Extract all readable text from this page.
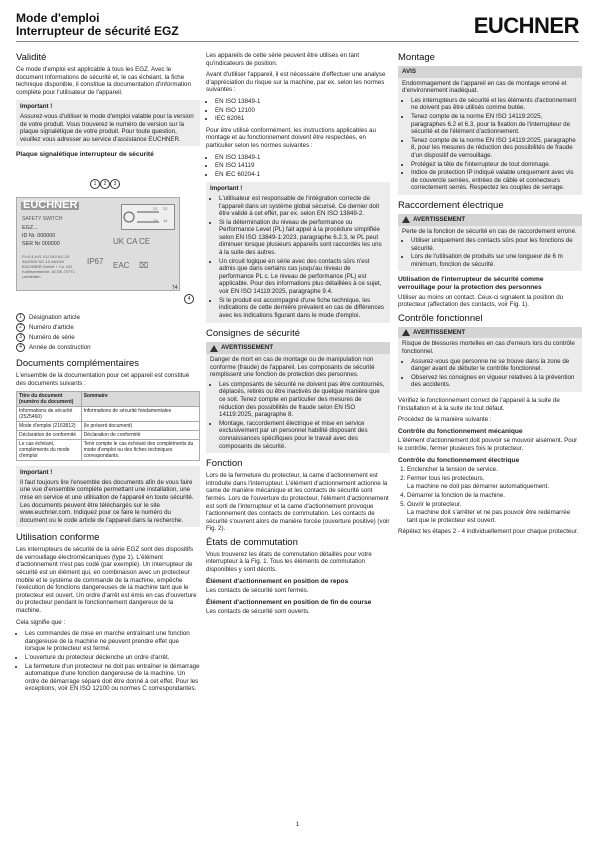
Mode d'emploi
Interrupteur de sécurité EGZ	EUCHNER
Validité

Ce mode d'emploi est applicable à tous les EGZ. Avec le document Informations de sécurité et, le cas échéant, la fiche technique disponible, il constitue la documentation d'information complète pour l'utilisateur de l'appareil.

Important !
Assurez-vous d'utiliser le mode d'emploi valable pour la version de votre produit. Vous trouverez le numéro de version sur la plaque signalétique de votre produit. Pour toute question, veuillez vous adresser au service d'assistance EUCHNER.
Plaque signalétique interrupteur de sécurité
EUCHNER
SAFETY SWITCH
EGZ...
ID Nr. 000000
SER Nr 000000
FI=0.4 A.R. EU 24V AC-15 4A/230V DC-13 4A/24V EUCHNER GmbH + Co. KG Kohlhammerstr. 16 DE-70771 Leinfelden
IP67
UK CA CE
EAC ⌧
21 22
13 14
1	2	3
4
74
1	Désignation article
2	Numéro d'article
3	Numéro de série
4	Année de construction
Documents complémentaires

L'ensemble de la documentation pour cet appareil est constitué des documents suivants :

Titre du document (numéro du document)	Sommaire
Informations de sécurité (2525460)	Informations de sécurité fondamentales
Mode d'emploi (2163812)	(le présent document)
Déclaration de conformité	Déclaration de conformité
Le cas échéant, compléments du mode d'emploi	Tenir compte le cas échéant des compléments du mode d'emploi ou des fiches techniques correspondants.
Important !
Il faut toujours lire l'ensemble des documents afin de vous faire une vue d'ensemble complète permettant une installation, une mise en service et une utilisation de l'appareil en toute sécurité. Les documents peuvent être téléchargés sur le site www.euchner.com. Indiquez pour ce faire le numéro du document ou le code article de l'appareil dans la recherche.
Utilisation conforme

Les interrupteurs de sécurité de la série EGZ sont des dispositifs de verrouillage électromécaniques (type 1). L'élément d'actionnement n'est pas codé (par exemple). Un interrupteur de sécurité est un élément qui, en combinaison avec un protecteur mobile et le système de commande de la machine, empêche l'exécution de fonctions dangereuses de la machine tant que le protecteur est ouvert. Un ordre d'arrêt est émis en cas d'ouverture du protecteur pendant le fonctionnement dangereux de la machine.

Cela signifie que :

• Les commandes de mise en marche entraînant une fonction dangereuse de la machine ne peuvent prendre effet que lorsque le protecteur est fermé.
• L'ouverture du protecteur déclenche un ordre d'arrêt.
• La fermeture d'un protecteur ne doit pas entraîner le démarrage automatique d'une fonction dangereuse de la machine. Un ordre de démarrage séparé doit être donné à cet effet. Pour les exceptions, voir EN ISO 12100 ou normes C correspondantes.

Les appareils de cette série peuvent être utilisés en tant qu'indicateurs de position.

Avant d'utiliser l'appareil, il est nécessaire d'effectuer une analyse d'appréciation du risque sur la machine, par ex. selon les normes suivantes :

• EN ISO 13849-1
• EN ISO 12100
• IEC 62061

Pour être utilisé conformément, les instructions applicables au montage et au fonctionnement doivent être respectées, en particulier selon les normes suivantes :

• EN ISO 13849-1
• EN ISO 14119
• EN IEC 60204-1
Important !
• L'utilisateur est responsable de l'intégration correcte de l'appareil dans un système global sécurisé. Ce dernier doit être validé à cet effet, par ex. selon EN ISO 13849-2.
• Si la détermination du niveau de performance ou Performance Level (PL) fait appel à la procédure simplifiée selon EN ISO 13849-1:2023, paragraphe 6.2.3, le PL peut diminuer lorsque plusieurs appareils sont raccordés les uns à la suite des autres.
• Un circuit logique en série avec des contacts sûrs n'est admis que dans certains cas jusqu'au niveau de performance PL c. Le niveau de performance (PL) est applicable. Pour des informations plus détaillées à ce sujet, voir EN ISO 14119:2025, paragraphe 9.4.
• Si le produit est accompagné d'une fiche technique, les indications de cette dernière prévalent en cas de différences avec les indications figurant dans le mode d'emploi.
Consignes de sécurité
AVERTISSEMENT
Danger de mort en cas de montage ou de manipulation non conforme (fraude) de l'appareil. Les composants de sécurité remplissent une fonction de protection des personnes.
• Les composants de sécurité ne doivent pas être contournés, déplacés, retirés ou être inactivés de quelque manière que ce soit. Tenez compte en particulier des mesures de réduction des possibilités de fraude selon EN ISO 14119:2025, paragraphe 8.
• Montage, raccordement électrique et mise en service exclusivement par un personnel habilité disposant des connaissances spécifiques pour le travail avec des composants de sécurité.
Fonction

Lors de la fermeture du protecteur, la came d'actionnement est introduite dans l'interrupteur. L'élément d'actionnement actionne la came de manière mécanique et les contacts de sécurité sont fermés. Lors de l'ouverture du protecteur, l'élément d'actionnement est sorti de l'interrupteur et la came d'actionnement provoque l'actionnement des contacts de commutation. Les contacts de sécurité s'ouvrent alors de manière forcée (ouverture positive) (voir Fig. 2).

États de commutation

Vous trouverez les états de commutation détaillés pour votre interrupteur à la Fig. 1. Tous les éléments de commutation disponibles y sont décrits.

Élément d'actionnement en position de repos

Les contacts de sécurité sont fermés.

Élément d'actionnement en position de fin de course

Les contacts de sécurité sont ouverts.

Montage
AVIS
Endommagement de l'appareil en cas de montage erroné et d'environnement inadéquat.
• Les interrupteurs de sécurité et les éléments d'actionnement ne doivent pas être utilisés comme butée.
• Tenez compte de la norme EN ISO 14119:2025, paragraphes 6.2 et 6.3, pour la fixation de l'interrupteur de sécurité et de l'élément d'actionnement.
• Tenez compte de la norme EN ISO 14119:2025, paragraphe 8, pour les mesures de réduction des possibilités de fraude d'un dispositif de verrouillage.
• Protégez la tête de l'interrupteur de tout dommage.
• Indice de protection IP indiqué valable uniquement avec vis de couvercle serrées, entrées de câble et connecteurs correctement serrés. Respectez les couples de serrage.
Raccordement électrique
AVERTISSEMENT
Perte de la fonction de sécurité en cas de raccordement erroné.
• Utiliser uniquement des contacts sûrs pour les fonctions de sécurité.
• Lors de l'utilisation de produits sur une longueur de 6 m minimum, fonction de sécurité.
Utilisation de l'interrupteur de sécurité comme verrouillage pour la protection des personnes

Utiliser au moins un contact. Ceux-ci signalent la position du protecteur (affectation des contacts, voir Fig. 1).

Contrôle fonctionnel
AVERTISSEMENT
Risque de blessures mortelles en cas d'erreurs lors du contrôle fonctionnel.
• Assurez-vous que personne ne se trouve dans la zone de danger avant de débuter le contrôle fonctionnel.
• Observez les consignes en vigueur relatives à la prévention des accidents.

Vérifiez le fonctionnement correct de l'appareil à la suite de l'installation et à la suite de tout défaut.

Procédez de la manière suivante :

Contrôle du fonctionnement mécanique

L'élément d'actionnement doit pouvoir se mouvoir aisément. Pour le contrôle, fermer plusieurs fois le protecteur.

Contrôle du fonctionnement électrique
1. Enclencher la tension de service.
2. Fermer tous les protecteurs.
La machine ne doit pas démarrer automatiquement.
4. Démarrer la fonction de la machine.
5. Ouvrir le protecteur.
La machine doit s'arrêter et ne pas pouvoir être redémarrée tant que le protecteur est ouvert.

Répétez les étapes 2 - 4 individuellement pour chaque protecteur.

1
